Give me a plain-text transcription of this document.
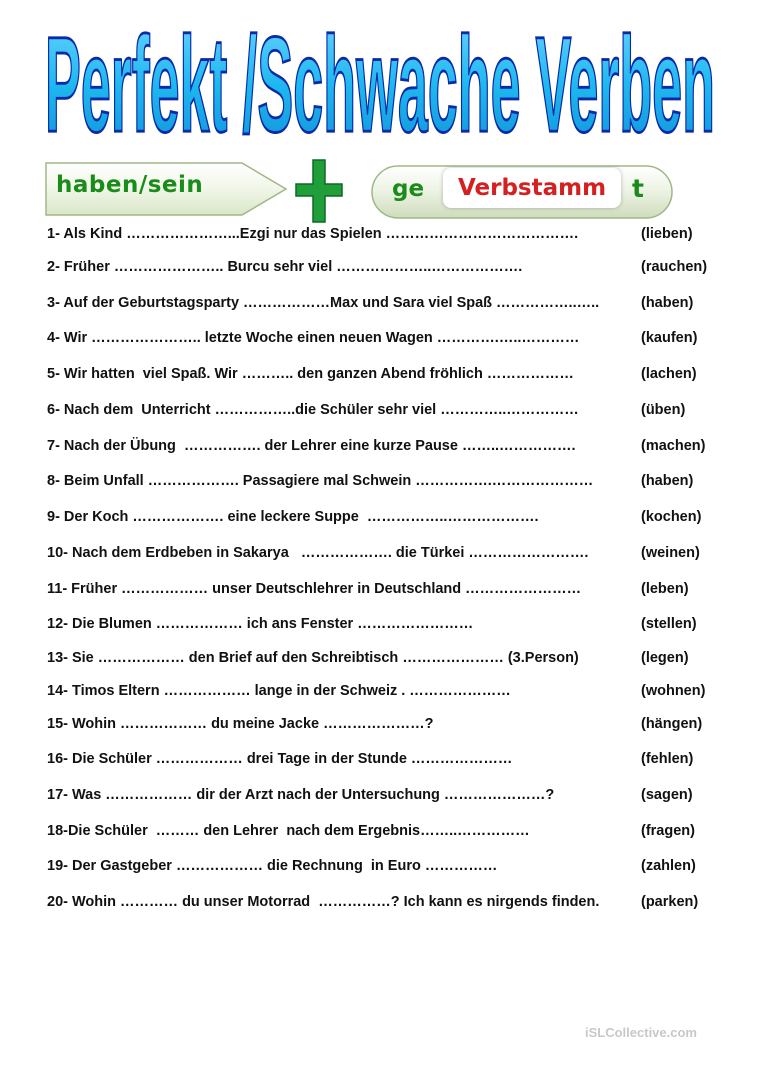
Perfekt /Schwache Verben
haben/sein	ge	Verbstamm	t
1- Als Kind …………………...Ezgi nur das Spielen ………………………………….	(lieben)
2- Früher ………………….. Burcu sehr viel ………………..……………….	(rauchen)
3- Auf der Geburtstagsparty ………………Max und Sara viel Spaß ……………..…..	(haben)
4- Wir ………………….. letzte Woche einen neuen Wagen ………….…..…………	(kaufen)
5- Wir hatten  viel Spaß. Wir ……….. den ganzen Abend fröhlich ………………	(lachen)
6- Nach dem  Unterricht ……………..die Schüler sehr viel …………..……………	(üben)
7- Nach der Übung  ……………. der Lehrer eine kurze Pause ……..…………….	(machen)
8- Beim Unfall ………………. Passagiere mal Schwein …………….…………………	(haben)
9- Der Koch ………………. eine leckere Suppe  ……………..……………….	(kochen)
10- Nach dem Erdbeben in Sakarya   ………………. die Türkei …………………….	(weinen)
11- Früher ……………… unser Deutschlehrer in Deutschland ……………………	(leben)
12- Die Blumen ……………… ich ans Fenster ……………………	(stellen)
13- Sie ……………… den Brief auf den Schreibtisch ………………… (3.Person)	(legen)
14- Timos Eltern ……………… lange in der Schweiz . …………………	(wohnen)
15- Wohin ……………… du meine Jacke …………………?	(hängen)
16- Die Schüler ……………… drei Tage in der Stunde …………………	(fehlen)
17- Was ……………… dir der Arzt nach der Untersuchung …………………?	(sagen)
18-Die Schüler  ……… den Lehrer  nach dem Ergebnis……..……………	(fragen)
19- Der Gastgeber ……………… die Rechnung  in Euro ……………	(zahlen)
20- Wohin ………… du unser Motorrad  ……………? Ich kann es nirgends finden.	(parken)
iSLCollective.com
